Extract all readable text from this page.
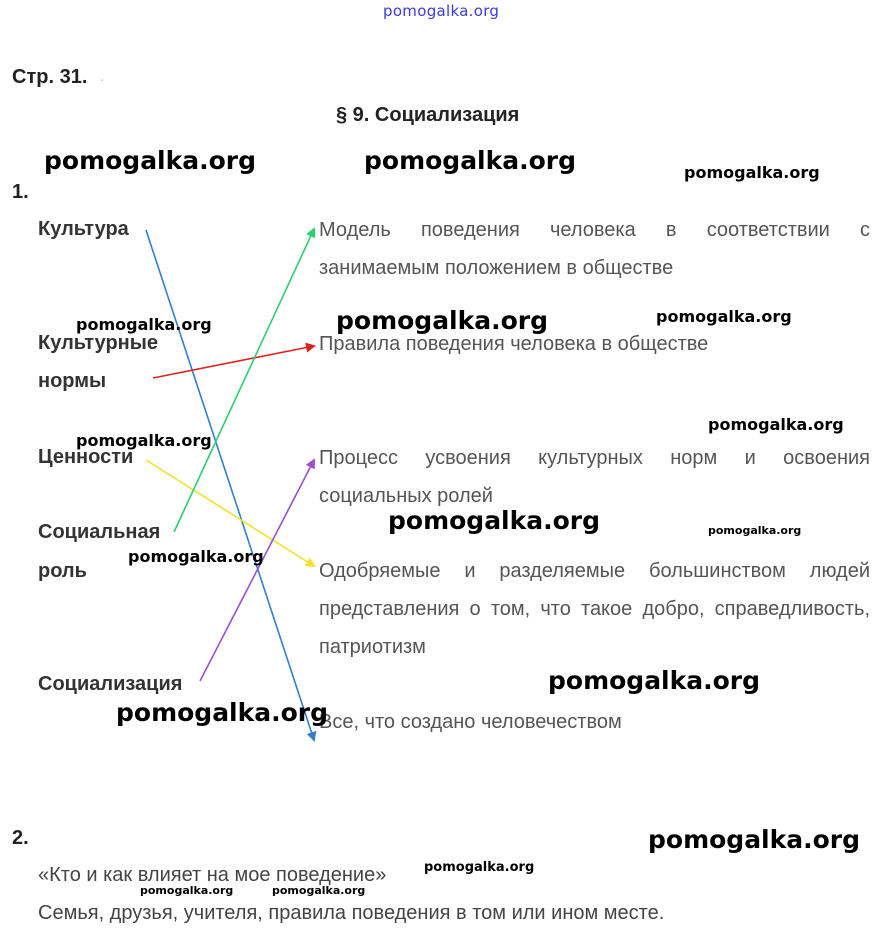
pomogalka.org
Стр. 31. .
§ 9. Социализация
1.
Культура
Культурные
нормы
Ценности
Социальная
роль
Социализация
Модель поведения человека в соответствии с занимаемым положением в обществе
Правила поведения человека в обществе
Процесс усвоения культурных норм и освоения социальных ролей
Одобряемые и разделяемые большинством людей представления о том, что такое добро, справедливость, патриотизм
Все, что создано человечеством
2.
«Кто и как влияет на мое поведение»
Семья, друзья, учителя, правила поведения в том или ином месте.
pomogalka.org	pomogalka.org	pomogalka.org
pomogalka.org	pomogalka.org	pomogalka.org
pomogalka.org
pomogalka.org
pomogalka.org	pomogalka.org
pomogalka.org
pomogalka.org
pomogalka.org
pomogalka.org
pomogalka.org
pomogalka.org	pomogalka.org
